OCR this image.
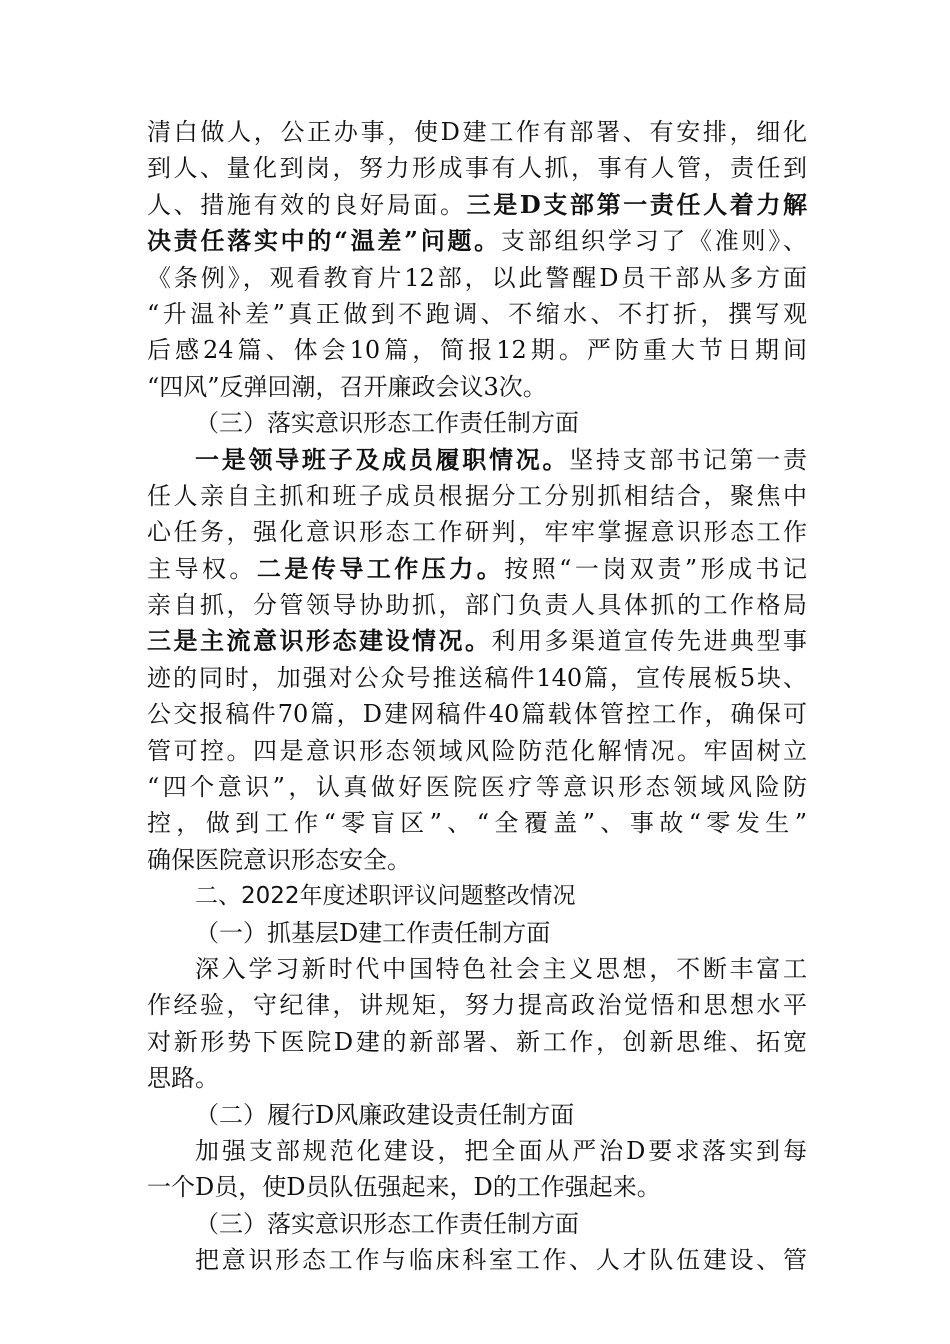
清白做人，公正办事，使D建工作有部署、有安排，细化
到人、量化到岗，努力形成事有人抓，事有人管，责任到
人、措施有效的良好局面。三是D支部第一责任人着力解
决责任落实中的“温差”问题。支部组织学习了《准则》、
《条例》，观看教育片12部，以此警醒D员干部从多方面
“升温补差”真正做到不跑调、不缩水、不打折，撰写观
后感24篇、体会10篇，简报12期。严防重大节日期间
“四风”反弹回潮，召开廉政会议3次。
（三）落实意识形态工作责任制方面
一是领导班子及成员履职情况。坚持支部书记第一责
任人亲自主抓和班子成员根据分工分别抓相结合，聚焦中
心任务，强化意识形态工作研判，牢牢掌握意识形态工作
主导权。二是传导工作压力。按照“一岗双责”形成书记
亲自抓，分管领导协助抓，部门负责人具体抓的工作格局
三是主流意识形态建设情况。利用多渠道宣传先进典型事
迹的同时，加强对公众号推送稿件140篇，宣传展板5块、
公交报稿件70篇，D建网稿件40篇载体管控工作，确保可
管可控。四是意识形态领域风险防范化解情况。牢固树立
“四个意识”，认真做好医院医疗等意识形态领域风险防
控，做到工作“零盲区”、“全覆盖”、事故“零发生”
确保医院意识形态安全。
二、2022年度述职评议问题整改情况
（一）抓基层D建工作责任制方面
深入学习新时代中国特色社会主义思想，不断丰富工
作经验，守纪律，讲规矩，努力提高政治觉悟和思想水平
对新形势下医院D建的新部署、新工作，创新思维、拓宽
思路。
（二）履行D风廉政建设责任制方面
加强支部规范化建设，把全面从严治D要求落实到每
一个D员，使D员队伍强起来，D的工作强起来。
（三）落实意识形态工作责任制方面
把意识形态工作与临床科室工作、人才队伍建设、管
